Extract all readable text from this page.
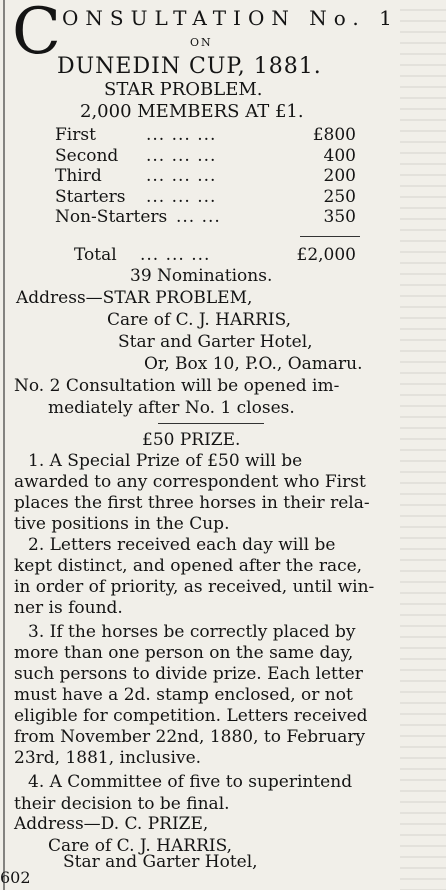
C ONSULTATION No. 1
ON
DUNEDIN CUP, 1881.
STAR PROBLEM.
2,000 MEMBERS AT £1.
First	... ... ...	£800
Second ... ... ...	400
Third	... ... ...	200
Starters ... ... ...	250
Non-Starters ... ...	350
Total ... ... ...	£2,000
39 Nominations.
Address—STAR PROBLEM,
Care of C. J. HARRIS,
Star and Garter Hotel,
Or, Box 10, P.O., Oamaru.
No. 2 Consultation will be opened im-
mediately after No. 1 closes.
£50 PRIZE.
1. A Special Prize of £50 will be
awarded to any correspondent who First
places the first three horses in their rela-
tive positions in the Cup.
2. Letters received each day will be
kept distinct, and opened after the race,
in order of priority, as received, until win-
ner is found.
3. If the horses be correctly placed by
more than one person on the same day,
such persons to divide prize. Each letter
must have a 2d. stamp enclosed, or not
eligible for competition. Letters received
from November 22nd, 1880, to February
23rd, 1881, inclusive.
4. A Committee of five to superintend
their decision to be final.
Address—D. C. PRIZE,
Care of C. J. HARRIS,
Star and Garter Hotel,
602
